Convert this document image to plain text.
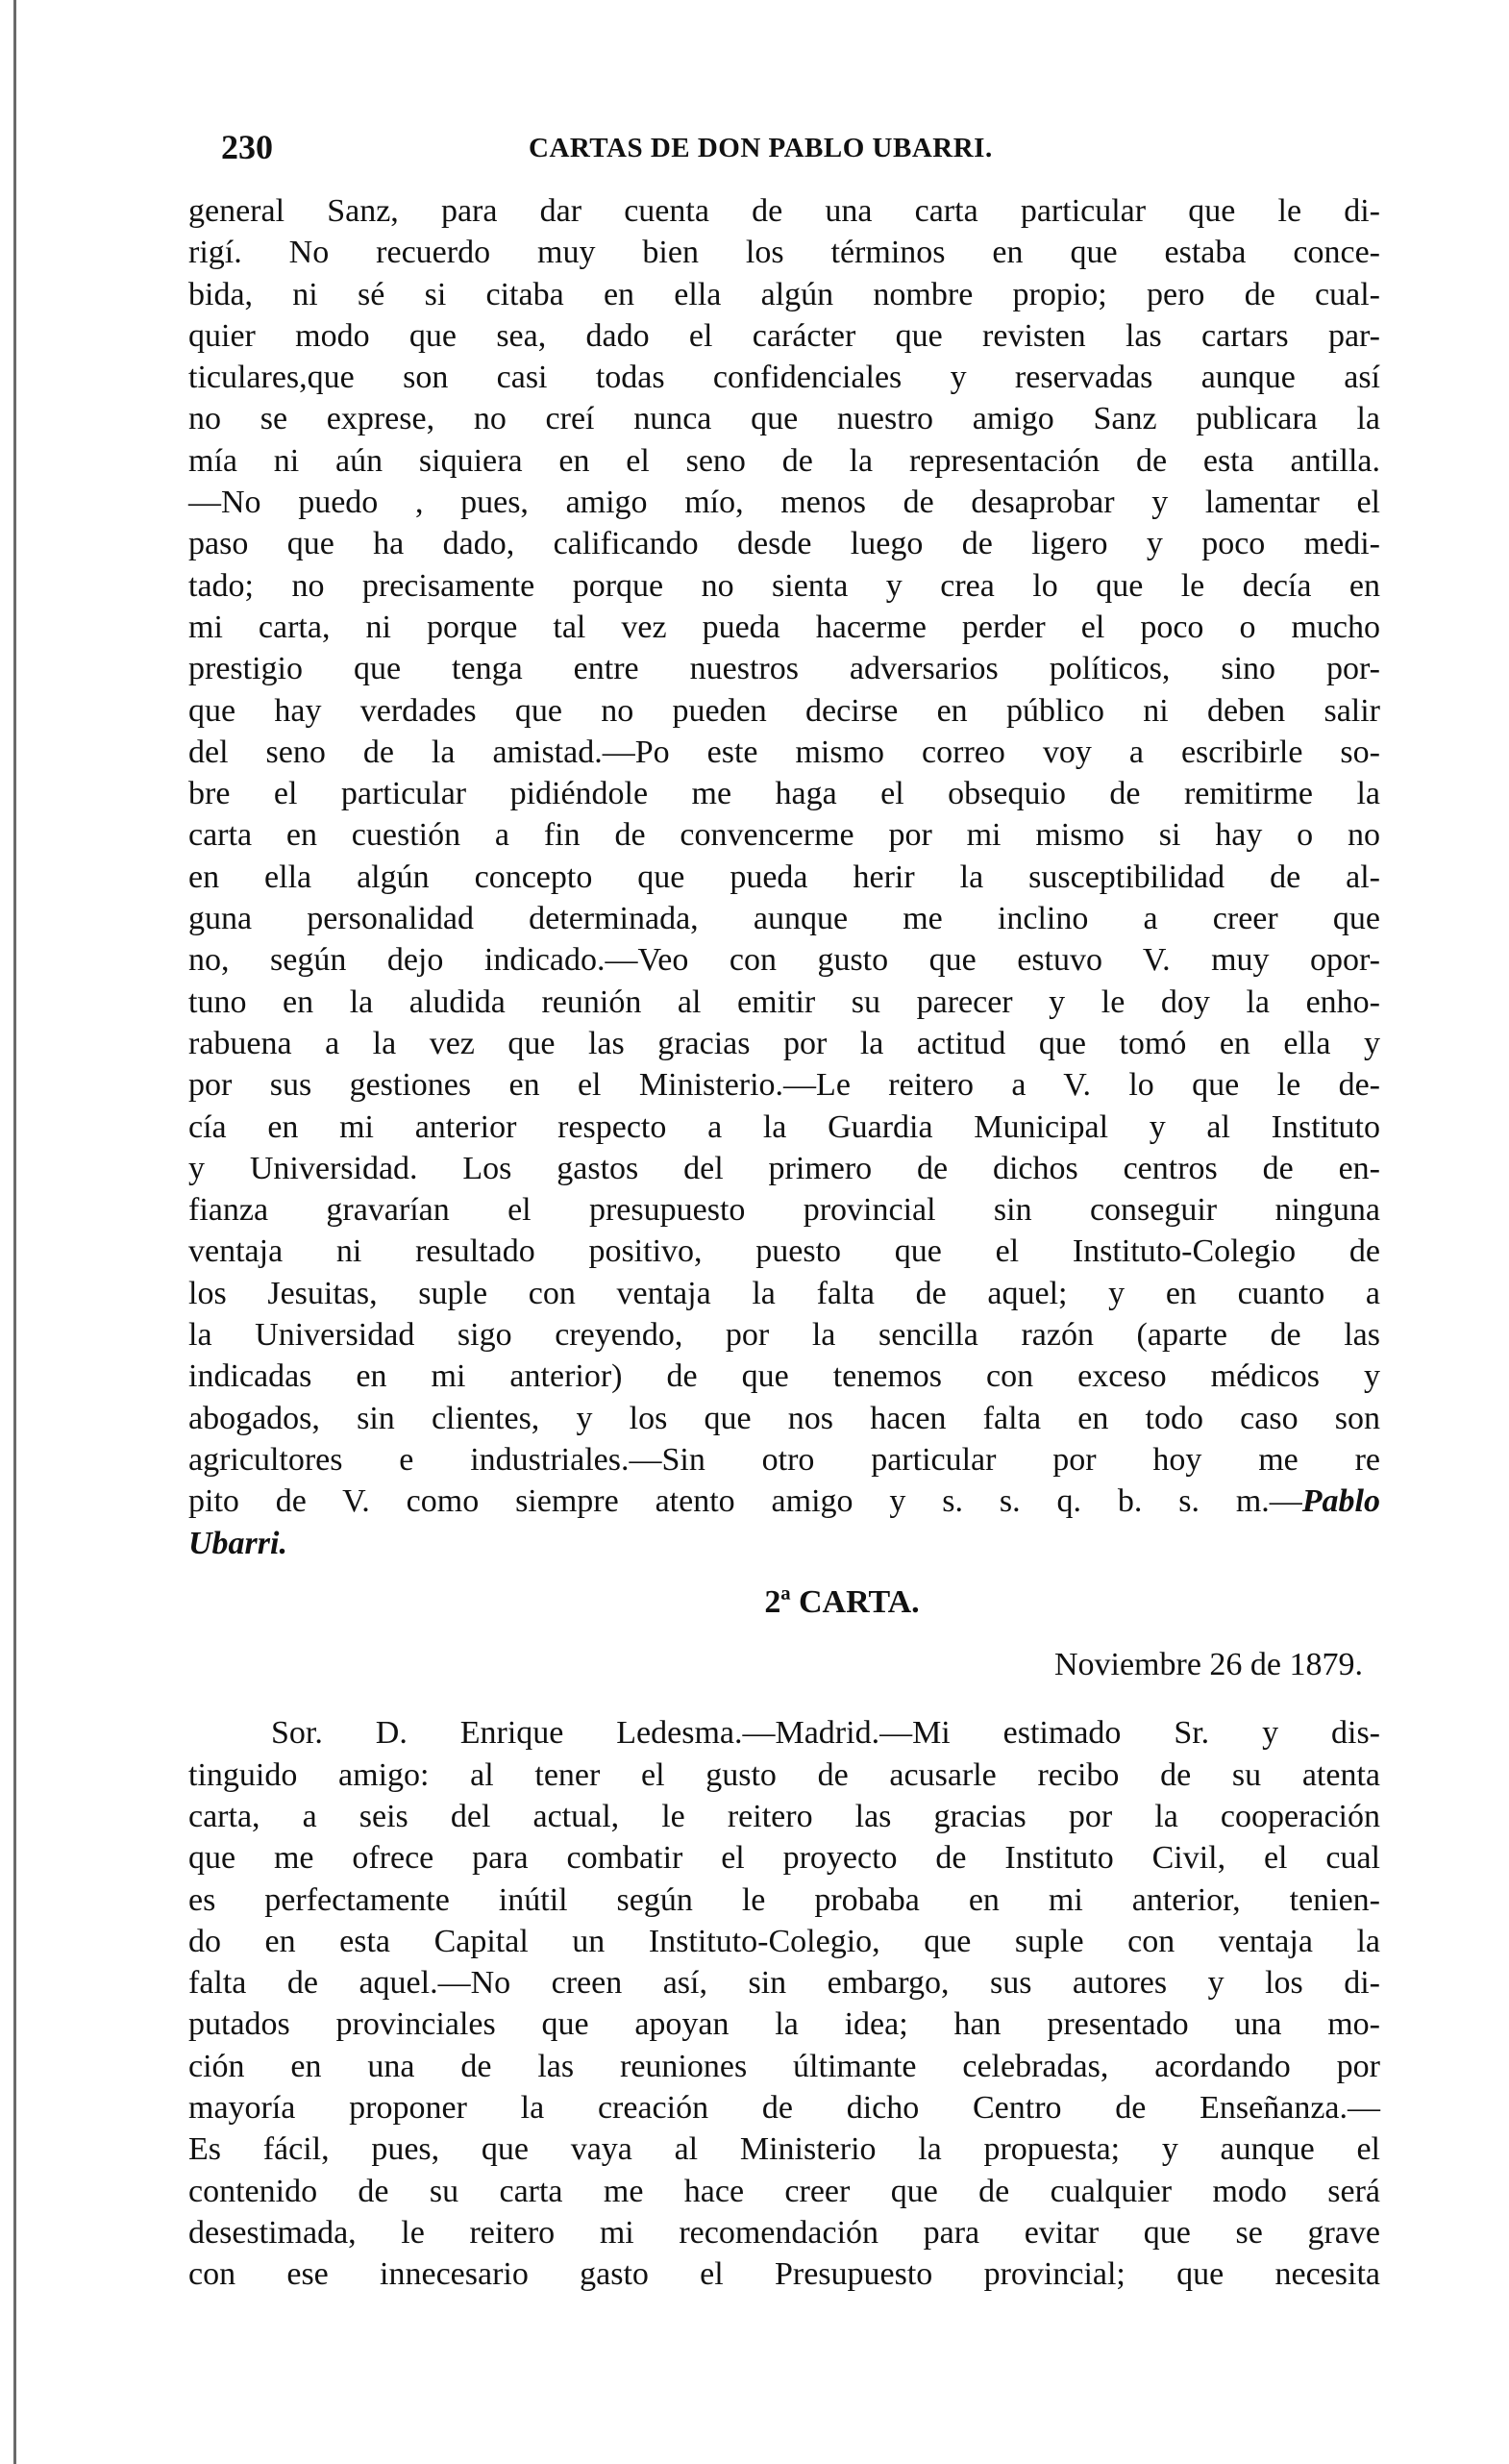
230	CARTAS DE DON PABLO UBARRI.
general Sanz, para dar cuenta de una carta particular que le di-
rigí. No recuerdo muy bien los términos en que estaba conce-
bida, ni sé si citaba en ella algún nombre propio; pero de cual-
quier modo que sea, dado el carácter que revisten las cartars par-
ticulares,que son casi todas confidenciales y reservadas aunque así
no se exprese, no creí nunca que nuestro amigo Sanz publicara la
mía ni aún siquiera en el seno de la representación de esta antilla.
—No puedo , pues, amigo mío, menos de desaprobar y lamentar el
paso que ha dado, calificando desde luego de ligero y poco medi-
tado; no precisamente porque no sienta y crea lo que le decía en
mi carta, ni porque tal vez pueda hacerme perder el poco o mucho
prestigio que tenga entre nuestros adversarios políticos, sino por-
que hay verdades que no pueden decirse en público ni deben salir
del seno de la amistad.—Po este mismo correo voy a escribirle so-
bre el particular pidiéndole me haga el obsequio de remitirme la
carta en cuestión a fin de convencerme por mi mismo si hay o no
en ella algún concepto que pueda herir la susceptibilidad de al-
guna personalidad determinada, aunque me inclino a creer que
no, según dejo indicado.—Veo con gusto que estuvo V. muy opor-
tuno en la aludida reunión al emitir su parecer y le doy la enho-
rabuena a la vez que las gracias por la actitud que tomó en ella y
por sus gestiones en el Ministerio.—Le reitero a V. lo que le de-
cía en mi anterior respecto a la Guardia Municipal y al Instituto
y Universidad. Los gastos del primero de dichos centros de en-
fianza gravarían el presupuesto provincial sin conseguir ninguna
ventaja ni resultado positivo, puesto que el Instituto-Colegio de
los Jesuitas, suple con ventaja la falta de aquel; y en cuanto a
la Universidad sigo creyendo, por la sencilla razón (aparte de las
indicadas en mi anterior) de que tenemos con exceso médicos y
abogados, sin clientes, y los que nos hacen falta en todo caso son
agricultores e industriales.—Sin otro particular por hoy me re
pito de V. como siempre atento amigo y s. s. q. b. s. m.—Pablo
Ubarri.
2ª CARTA.
Noviembre 26 de 1879.
Sor. D. Enrique Ledesma.—Madrid.—Mi estimado Sr. y dis-
tinguido amigo: al tener el gusto de acusarle recibo de su atenta
carta, a seis del actual, le reitero las gracias por la cooperación
que me ofrece para combatir el proyecto de Instituto Civil, el cual
es perfectamente inútil según le probaba en mi anterior, tenien-
do en esta Capital un Instituto-Colegio, que suple con ventaja la
falta de aquel.—No creen así, sin embargo, sus autores y los di-
putados provinciales que apoyan la idea; han presentado una mo-
ción en una de las reuniones últimante celebradas, acordando por
mayoría proponer la creación de dicho Centro de Enseñanza.—
Es fácil, pues, que vaya al Ministerio la propuesta; y aunque el
contenido de su carta me hace creer que de cualquier modo será
desestimada, le reitero mi recomendación para evitar que se grave
con ese innecesario gasto el Presupuesto provincial; que necesita
